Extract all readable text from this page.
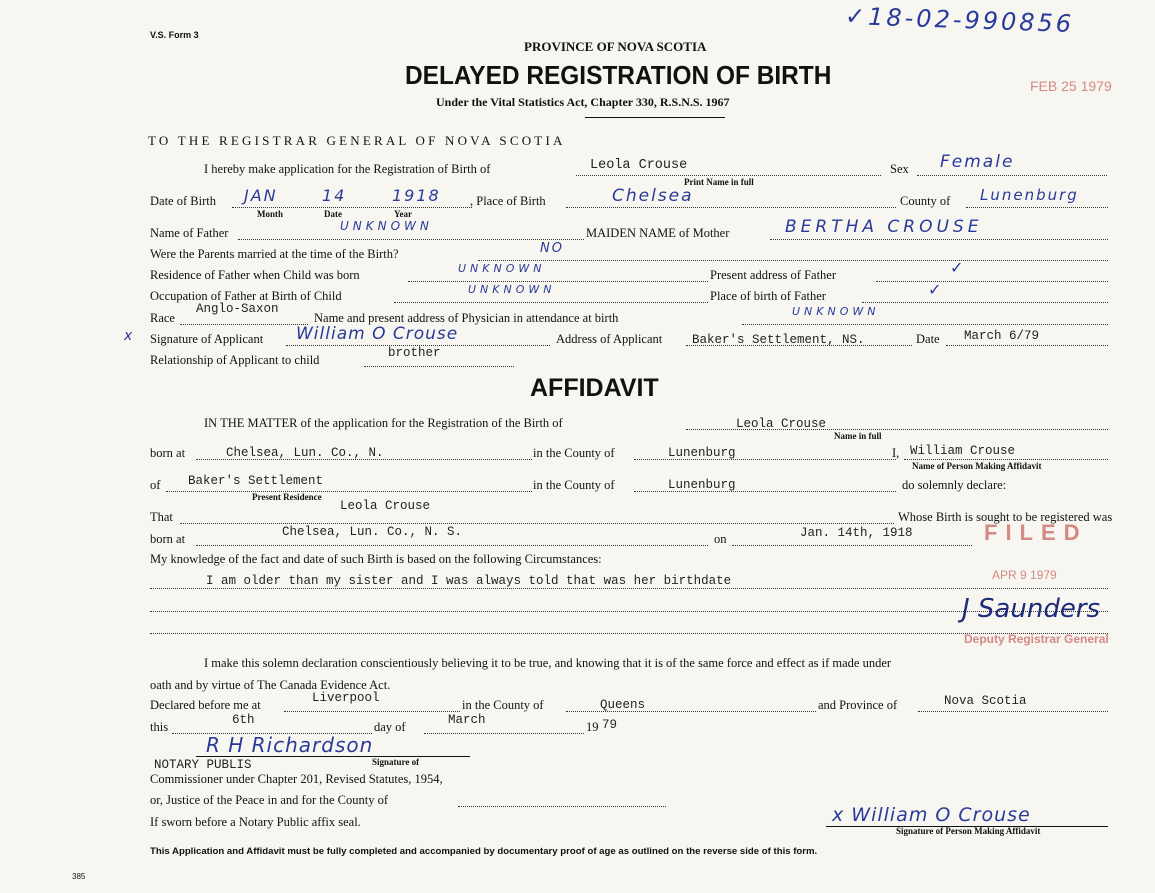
V.S. Form 3
PROVINCE OF NOVA SCOTIA
DELAYED REGISTRATION OF BIRTH
Under the Vital Statistics Act, Chapter 330, R.S.N.S. 1967
✓18-02-990856
FEB 25 1979
TO THE REGISTRAR GENERAL OF NOVA SCOTIA
I hereby make application for the Registration of Birth of	Leola Crouse
Print Name in full
Sex Female
Date of Birth JAN	14	1918
Month	Date	Year
, Place of Birth	Chelsea	County of Lunenburg
Name of Father	UNKNOWN	MAIDEN NAME of Mother	BERTHA CROUSE
Were the Parents married at the time of the Birth?	NO
Residence of Father when Child was born	UNKNOWN	Present address of Father	✓
Occupation of Father at Birth of Child	UNKNOWN	Place of birth of Father	✓
Race
Anglo-Saxon
Name and present address of Physician in attendance at birth	UNKNOWN
x Signature of Applicant William O Crouse	Address of Applicant Baker's Settlement, NS.	Date March 6/79
Relationship of Applicant to child	brother
AFFIDAVIT
IN THE MATTER of the application for the Registration of the Birth of	Leola Crouse
Name in full
born at	Chelsea, Lun. Co., N.	in the County of	Lunenburg	I, William Crouse
Name of Person Making Affidavit
of Baker's Settlement
Present Residence
in the County of	Lunenburg	do solemnly declare:
That
Leola Crouse
Whose Birth is sought to be registered was
born at	Chelsea, Lun. Co., N. S.	on	Jan. 14th, 1918	FILED
My knowledge of the fact and date of such Birth is based on the following Circumstances:
I am older than my sister and I was always told that was her birthdate	APR 9 1979
J Saunders
Deputy Registrar General
I make this solemn declaration conscientiously believing it to be true, and knowing that it is of the same force and effect as if made under
oath and by virtue of The Canada Evidence Act.
Declared before me at	Liverpool	in the County of	Queens	and Province of	Nova Scotia
this	6th	day of	March	19 79
R H Richardson
Signature of
NOTARY PUBLIS
Commissioner under Chapter 201, Revised Statutes, 1954,
or, Justice of the Peace in and for the County of
If sworn before a Notary Public affix seal.	x William O Crouse
Signature of Person Making Affidavit
This Application and Affidavit must be fully completed and accompanied by documentary proof of age as outlined on the reverse side of this form.
385
